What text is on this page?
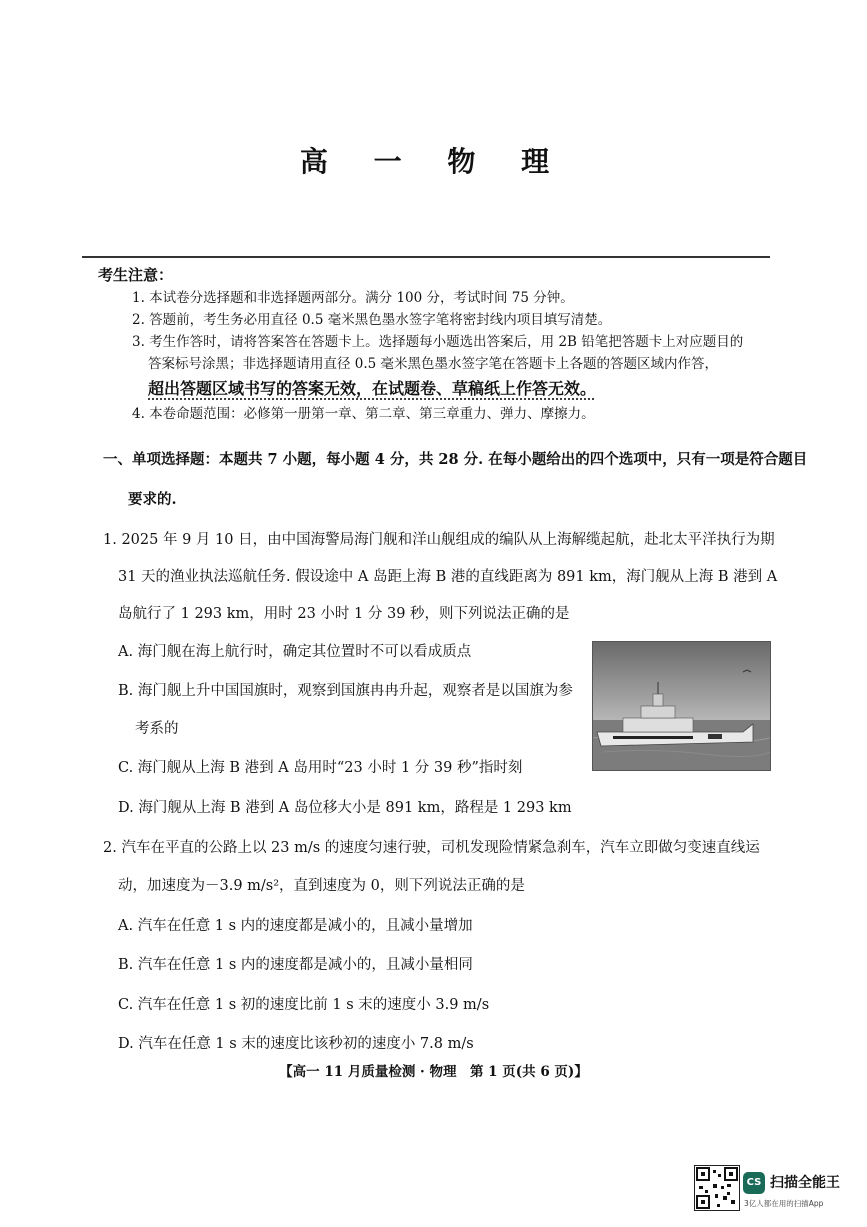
高 一 物 理
考生注意：
1. 本试卷分选择题和非选择题两部分。满分 100 分，考试时间 75 分钟。
2. 答题前，考生务必用直径 0.5 毫米黑色墨水签字笔将密封线内项目填写清楚。
3. 考生作答时，请将答案答在答题卡上。选择题每小题选出答案后，用 2B 铅笔把答题卡上对应题目的
答案标号涂黑；非选择题请用直径 0.5 毫米黑色墨水签字笔在答题卡上各题的答题区域内作答，
超出答题区域书写的答案无效，在试题卷、草稿纸上作答无效。
4. 本卷命题范围：必修第一册第一章、第二章、第三章重力、弹力、摩擦力。
一、单项选择题：本题共 7 小题，每小题 4 分，共 28 分. 在每小题给出的四个选项中，只有一项是符合题目
要求的.
1. 2025 年 9 月 10 日，由中国海警局海门舰和洋山舰组成的编队从上海解缆起航，赴北太平洋执行为期
31 天的渔业执法巡航任务. 假设途中 A 岛距上海 B 港的直线距离为 891 km，海门舰从上海 B 港到 A
岛航行了 1 293 km，用时 23 小时 1 分 39 秒，则下列说法正确的是
A. 海门舰在海上航行时，确定其位置时不可以看成质点
B. 海门舰上升中国国旗时，观察到国旗冉冉升起，观察者是以国旗为参
考系的
C. 海门舰从上海 B 港到 A 岛用时“23 小时 1 分 39 秒”指时刻
D. 海门舰从上海 B 港到 A 岛位移大小是 891 km，路程是 1 293 km
2. 汽车在平直的公路上以 23 m/s 的速度匀速行驶，司机发现险情紧急刹车，汽车立即做匀变速直线运
动，加速度为－3.9 m/s²，直到速度为 0，则下列说法正确的是
A. 汽车在任意 1 s 内的速度都是减小的，且减小量增加
B. 汽车在任意 1 s 内的速度都是减小的，且减小量相同
C. 汽车在任意 1 s 初的速度比前 1 s 末的速度小 3.9 m/s
D. 汽车在任意 1 s 末的速度比该秒初的速度小 7.8 m/s
【高一 11 月质量检测 · 物理　第 1 页(共 6 页)】
CS 扫描全能王
3亿人都在用的扫描App
